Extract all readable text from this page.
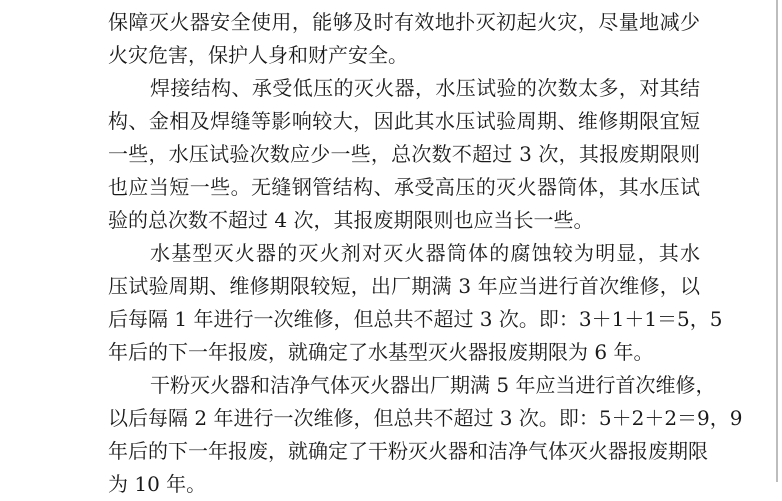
保障灭火器安全使用，能够及时有效地扑灭初起火灾，尽量地减少
火灾危害，保护人身和财产安全。
焊接结构、承受低压的灭火器，水压试验的次数太多，对其结
构、金相及焊缝等影响较大，因此其水压试验周期、维修期限宜短
一些，水压试验次数应少一些，总次数不超过 3 次，其报废期限则
也应当短一些。无缝钢管结构、承受高压的灭火器筒体，其水压试
验的总次数不超过 4 次，其报废期限则也应当长一些。
水基型灭火器的灭火剂对灭火器筒体的腐蚀较为明显，其水
压试验周期、维修期限较短，出厂期满 3 年应当进行首次维修，以
后每隔 1 年进行一次维修，但总共不超过 3 次。即：3＋1＋1＝5，5
年后的下一年报废，就确定了水基型灭火器报废期限为 6 年。
干粉灭火器和洁净气体灭火器出厂期满 5 年应当进行首次维修，
以后每隔 2 年进行一次维修，但总共不超过 3 次。即：5＋2＋2＝9，9
年后的下一年报废，就确定了干粉灭火器和洁净气体灭火器报废期限
为 10 年。
